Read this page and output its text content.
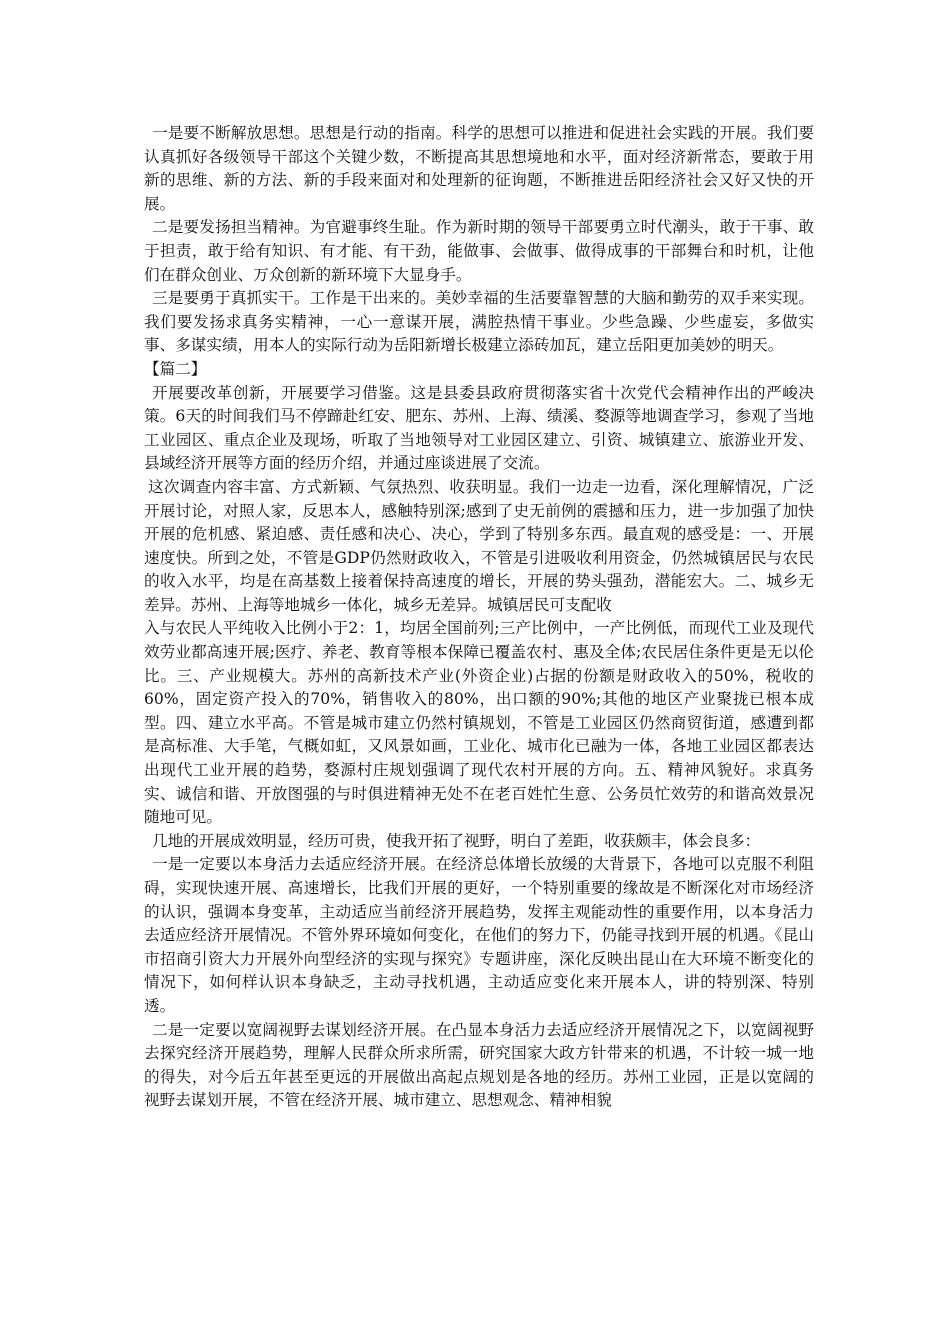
一是要不断解放思想。思想是行动的指南。科学的思想可以推进和促进社会实践的开展。我们要认真抓好各级领导干部这个关键少数，不断提高其思想境地和水平，面对经济新常态，要敢于用新的思维、新的方法、新的手段来面对和处理新的征询题，不断推进岳阳经济社会又好又快的开展。

二是要发扬担当精神。为官避事终生耻。作为新时期的领导干部要勇立时代潮头，敢于干事、敢于担责，敢于给有知识、有才能、有干劲，能做事、会做事、做得成事的干部舞台和时机，让他们在群众创业、万众创新的新环境下大显身手。

三是要勇于真抓实干。工作是干出来的。美妙幸福的生活要靠智慧的大脑和勤劳的双手来实现。我们要发扬求真务实精神，一心一意谋开展，满腔热情干事业。少些急躁、少些虚妄，多做实事、多谋实绩，用本人的实际行动为岳阳新增长极建立添砖加瓦，建立岳阳更加美妙的明天。

【篇二】

开展要改革创新，开展要学习借鉴。这是县委县政府贯彻落实省十次党代会精神作出的严峻决策。6天的时间我们马不停蹄赴红安、肥东、苏州、上海、绩溪、婺源等地调查学习，参观了当地工业园区、重点企业及现场，听取了当地领导对工业园区建立、引资、城镇建立、旅游业开发、县域经济开展等方面的经历介绍，并通过座谈进展了交流。

这次调查内容丰富、方式新颖、气氛热烈、收获明显。我们一边走一边看，深化理解情况，广泛开展讨论，对照人家，反思本人，感触特别深;感到了史无前例的震撼和压力，进一步加强了加快开展的危机感、紧迫感、责任感和决心、决心，学到了特别多东西。最直观的感受是：一、开展速度快。所到之处，不管是GDP仍然财政收入，不管是引进吸收利用资金，仍然城镇居民与农民的收入水平，均是在高基数上接着保持高速度的增长，开展的势头强劲，潜能宏大。二、城乡无差异。苏州、上海等地城乡一体化，城乡无差异。城镇居民可支配收

入与农民人平纯收入比例小于2：1，均居全国前列;三产比例中，一产比例低，而现代工业及现代效劳业都高速开展;医疗、养老、教育等根本保障已覆盖农村、惠及全体;农民居住条件更是无以伦比。三、产业规模大。苏州的高新技术产业(外资企业)占据的份额是财政收入的50%，税收的60%，固定资产投入的70%，销售收入的80%，出口额的90%;其他的地区产业聚拢已根本成型。四、建立水平高。不管是城市建立仍然村镇规划，不管是工业园区仍然商贸街道，感遭到都是高标准、大手笔，气概如虹，又风景如画，工业化、城市化已融为一体，各地工业园区都表达出现代工业开展的趋势，婺源村庄规划强调了现代农村开展的方向。五、精神风貌好。求真务实、诚信和谐、开放图强的与时俱进精神无处不在老百姓忙生意、公务员忙效劳的和谐高效景况随地可见。

几地的开展成效明显，经历可贵，使我开拓了视野，明白了差距，收获颇丰，体会良多：

一是一定要以本身活力去适应经济开展。在经济总体增长放缓的大背景下，各地可以克服不利阻碍，实现快速开展、高速增长，比我们开展的更好，一个特别重要的缘故是不断深化对市场经济的认识，强调本身变革，主动适应当前经济开展趋势，发挥主观能动性的重要作用，以本身活力去适应经济开展情况。不管外界环境如何变化，在他们的努力下，仍能寻找到开展的机遇。《昆山市招商引资大力开展外向型经济的实现与探究》专题讲座，深化反映出昆山在大环境不断变化的情况下，如何样认识本身缺乏，主动寻找机遇，主动适应变化来开展本人，讲的特别深、特别透。

二是一定要以宽阔视野去谋划经济开展。在凸显本身活力去适应经济开展情况之下，以宽阔视野去探究经济开展趋势，理解人民群众所求所需，研究国家大政方针带来的机遇，不计较一城一地的得失，对今后五年甚至更远的开展做出高起点规划是各地的经历。苏州工业园，正是以宽阔的视野去谋划开展，不管在经济开展、城市建立、思想观念、精神相貌
